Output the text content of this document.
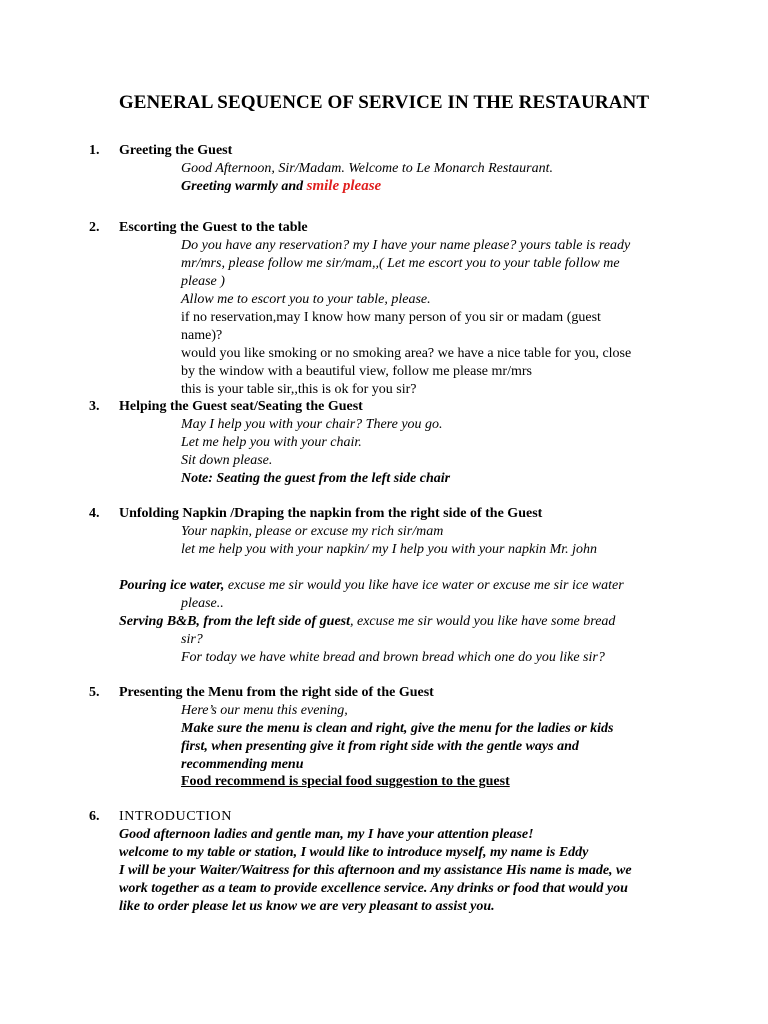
GENERAL SEQUENCE OF SERVICE IN THE RESTAURANT
1. Greeting the Guest
Good Afternoon, Sir/Madam. Welcome to Le Monarch Restaurant.
Greeting warmly and smile please
2. Escorting the Guest to the table
Do you have any reservation? my I have your name please? yours table is ready
mr/mrs, please follow me sir/mam,,( Let me escort you to your table follow me
please )
Allow me to escort you to your table, please.
if no reservation,may I know how many person of you sir or madam (guest
name)?
would you like smoking or no smoking area? we have a nice table for you, close
by the window with a beautiful view, follow me please mr/mrs
this is your table sir,,this is ok for you sir?
3. Helping the Guest seat/Seating the Guest
May I help you with your chair? There you go.
Let me help you with your chair.
Sit down please.
Note: Seating the guest from the left side chair
4. Unfolding Napkin /Draping the napkin from the right side of the Guest
Your napkin, please or excuse my rich sir/mam
let me help you with your napkin/ my I help you with your napkin Mr. john
Pouring ice water, excuse me sir would you like have ice water or excuse me sir ice water
please..
Serving B&B, from the left side of guest, excuse me sir would you like have some bread
sir?
For today we have white bread and brown bread which one do you like sir?
5. Presenting the Menu from the right side of the Guest
Here’s our menu this evening,
Make sure the menu is clean and right, give the menu for the ladies or kids
first, when presenting give it from right side with the gentle ways and
recommending menu
Food recommend is special food suggestion to the guest
6. INTRODUCTION
Good afternoon ladies and gentle man, my I have your attention please!
welcome to my table or station, I would like to introduce myself, my name is Eddy
I will be your Waiter/Waitress for this afternoon and my assistance His name is made, we
work together as a team to provide excellence service. Any drinks or food that would you
like to order please let us know we are very pleasant to assist you.
